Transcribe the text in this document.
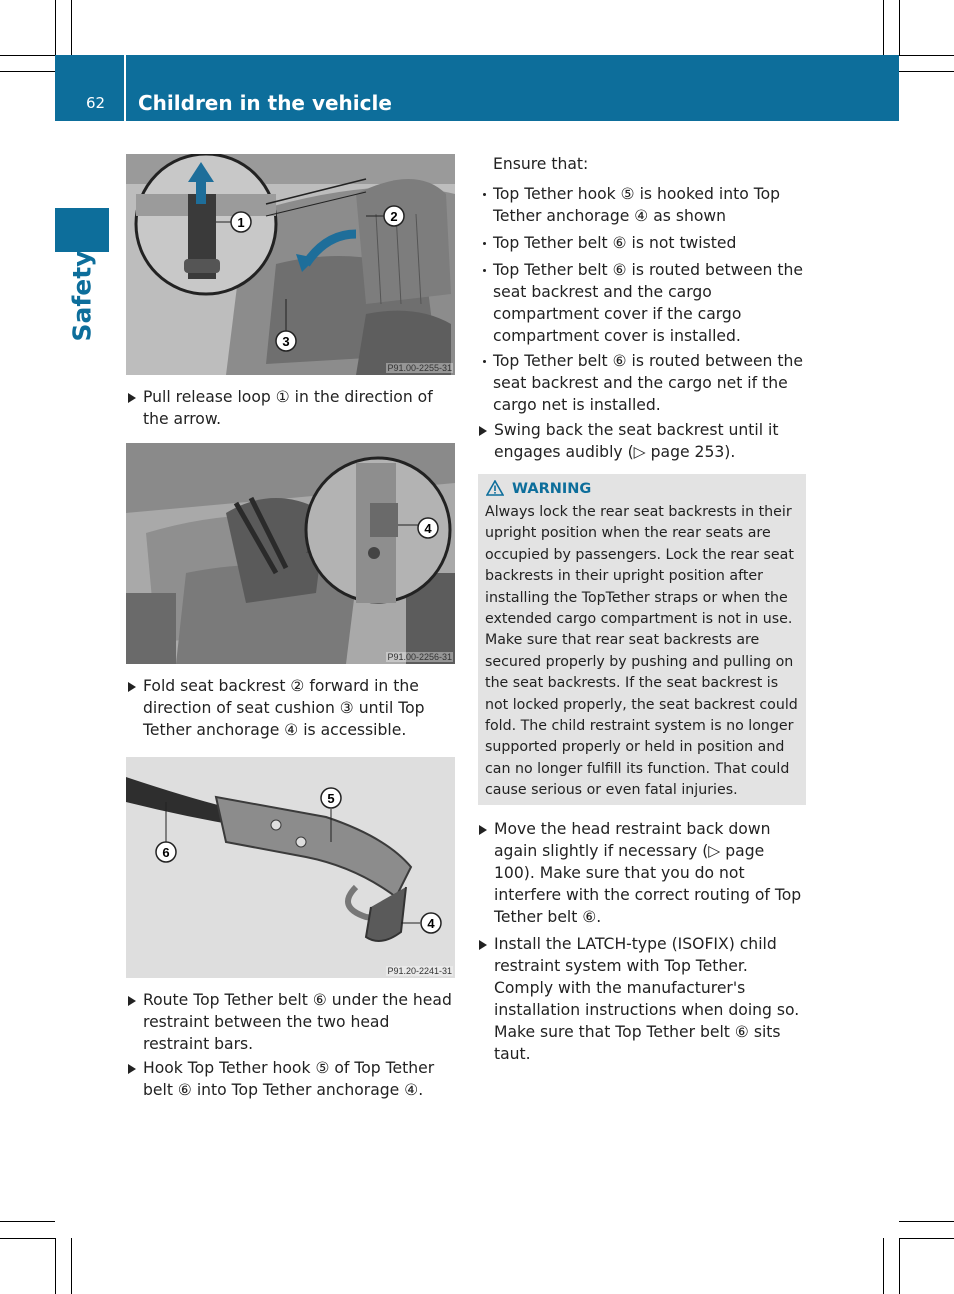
62 Children in the vehicle
Safety
1	2
3
P91.00-2255-31
4
P91.00-2256-31
6
5
4
P91.20-2241-31

Pull release loop ① in the direction of the arrow.

Fold seat backrest ② forward in the direction of seat cushion ③ until Top Tether anchorage ④ is accessible.

Route Top Tether belt ⑥ under the head restraint between the two head restraint bars.

Hook Top Tether hook ⑤ of Top Tether belt ⑥ into Top Tether anchorage ④.

Ensure that:

Top Tether hook ⑤ is hooked into Top Tether anchorage ④ as shown

Top Tether belt ⑥ is not twisted

Top Tether belt ⑥ is routed between the seat backrest and the cargo compartment cover if the cargo compartment cover is installed.

Top Tether belt ⑥ is routed between the seat backrest and the cargo net if the cargo net is installed.

Swing back the seat backrest until it engages audibly (▷ page 253).

WARNING
Always lock the rear seat backrests in their upright position when the rear seats are occupied by passengers. Lock the rear seat backrests in their upright position after installing the TopTether straps or when the extended cargo compartment is not in use. Make sure that rear seat backrests are secured properly by pushing and pulling on the seat backrests. If the seat backrest is not locked properly, the seat backrest could fold. The child restraint system is no longer supported properly or held in position and can no longer fulfill its function. That could cause serious or even fatal injuries.

Move the head restraint back down again slightly if necessary (▷ page 100). Make sure that you do not interfere with the correct routing of Top Tether belt ⑥.

Install the LATCH-type (ISOFIX) child restraint system with Top Tether. Comply with the manufacturer's installation instructions when doing so. Make sure that Top Tether belt ⑥ sits taut.
